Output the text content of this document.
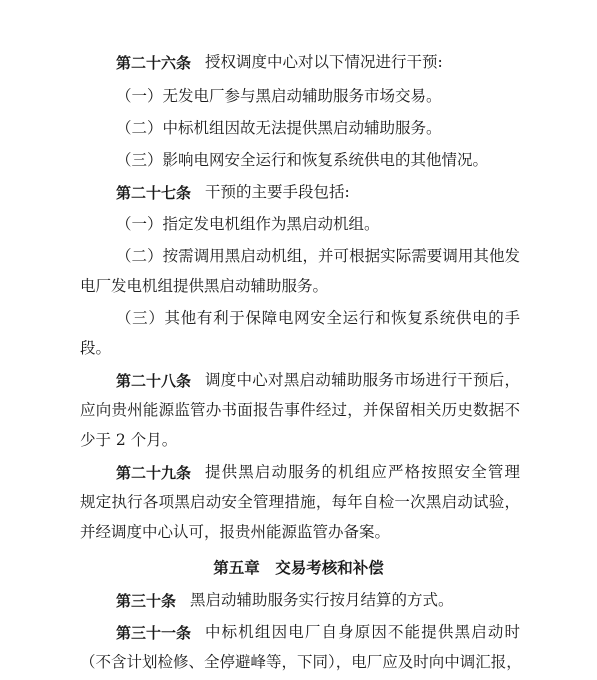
第二十六条 授权调度中心对以下情况进行干预:
（一）无发电厂参与黑启动辅助服务市场交易。
（二）中标机组因故无法提供黑启动辅助服务。
（三）影响电网安全运行和恢复系统供电的其他情况。
第二十七条 干预的主要手段包括:
（一）指定发电机组作为黑启动机组。
（二）按需调用黑启动机组，并可根据实际需要调用其他发
电厂发电机组提供黑启动辅助服务。
（三）其他有利于保障电网安全运行和恢复系统供电的手
段。
第二十八条 调度中心对黑启动辅助服务市场进行干预后，
应向贵州能源监管办书面报告事件经过，并保留相关历史数据不
少于 2 个月。
第二十九条 提供黑启动服务的机组应严格按照安全管理
规定执行各项黑启动安全管理措施，每年自检一次黑启动试验，
并经调度中心认可，报贵州能源监管办备案。
第五章　交易考核和补偿
第三十条 黑启动辅助服务实行按月结算的方式。
第三十一条 中标机组因电厂自身原因不能提供黑启动时
（不含计划检修、全停避峰等，下同），电厂应及时向中调汇报，
